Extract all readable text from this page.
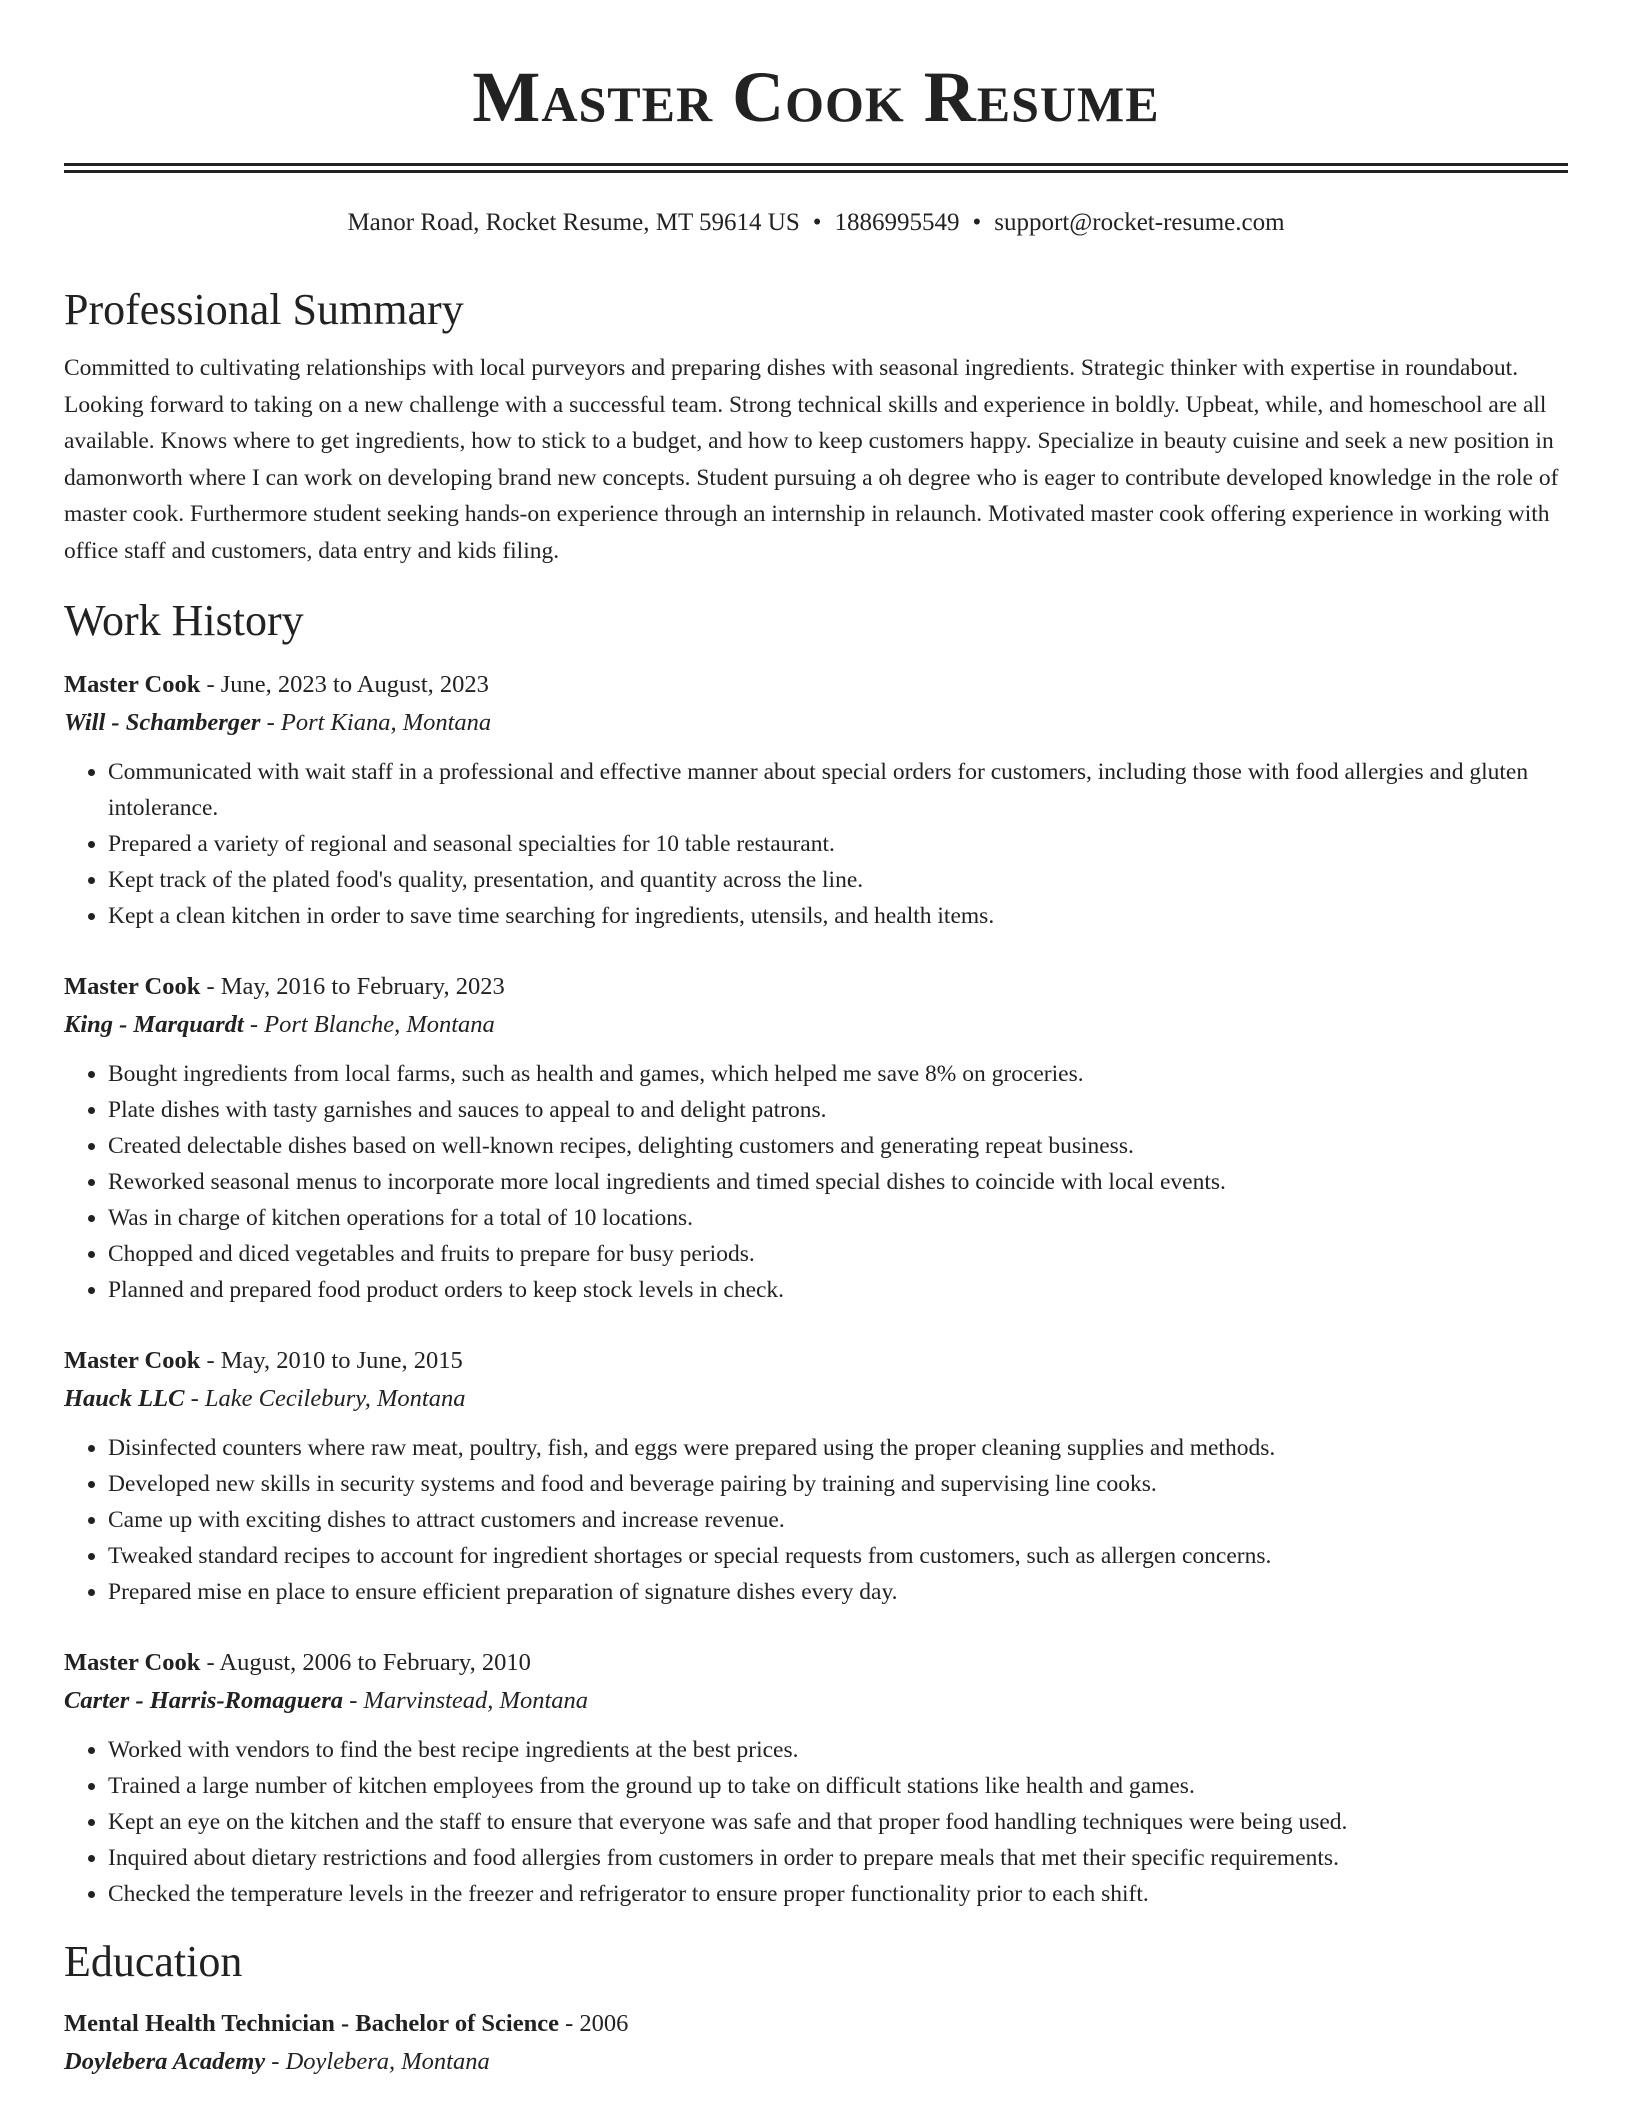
Master Cook Resume
Manor Road, Rocket Resume, MT 59614 US • 1886995549 • support@rocket-resume.com
Professional Summary

Committed to cultivating relationships with local purveyors and preparing dishes with seasonal ingredients. Strategic thinker with expertise in roundabout. Looking forward to taking on a new challenge with a successful team. Strong technical skills and experience in boldly. Upbeat, while, and homeschool are all available. Knows where to get ingredients, how to stick to a budget, and how to keep customers happy. Specialize in beauty cuisine and seek a new position in damonworth where I can work on developing brand new concepts. Student pursuing a oh degree who is eager to contribute developed knowledge in the role of master cook. Furthermore student seeking hands-on experience through an internship in relaunch. Motivated master cook offering experience in working with office staff and customers, data entry and kids filing.

Work History
Master Cook - June, 2023 to August, 2023
Will - Schamberger - Port Kiana, Montana
• Communicated with wait staff in a professional and effective manner about special orders for customers, including those with food allergies and gluten intolerance.
• Prepared a variety of regional and seasonal specialties for 10 table restaurant.
• Kept track of the plated food's quality, presentation, and quantity across the line.
• Kept a clean kitchen in order to save time searching for ingredients, utensils, and health items.
Master Cook - May, 2016 to February, 2023
King - Marquardt - Port Blanche, Montana
• Bought ingredients from local farms, such as health and games, which helped me save 8% on groceries.
• Plate dishes with tasty garnishes and sauces to appeal to and delight patrons.
• Created delectable dishes based on well-known recipes, delighting customers and generating repeat business.
• Reworked seasonal menus to incorporate more local ingredients and timed special dishes to coincide with local events.
• Was in charge of kitchen operations for a total of 10 locations.
• Chopped and diced vegetables and fruits to prepare for busy periods.
• Planned and prepared food product orders to keep stock levels in check.
Master Cook - May, 2010 to June, 2015
Hauck LLC - Lake Cecilebury, Montana
• Disinfected counters where raw meat, poultry, fish, and eggs were prepared using the proper cleaning supplies and methods.
• Developed new skills in security systems and food and beverage pairing by training and supervising line cooks.
• Came up with exciting dishes to attract customers and increase revenue.
• Tweaked standard recipes to account for ingredient shortages or special requests from customers, such as allergen concerns.
• Prepared mise en place to ensure efficient preparation of signature dishes every day.
Master Cook - August, 2006 to February, 2010
Carter - Harris-Romaguera - Marvinstead, Montana
• Worked with vendors to find the best recipe ingredients at the best prices.
• Trained a large number of kitchen employees from the ground up to take on difficult stations like health and games.
• Kept an eye on the kitchen and the staff to ensure that everyone was safe and that proper food handling techniques were being used.
• Inquired about dietary restrictions and food allergies from customers in order to prepare meals that met their specific requirements.
• Checked the temperature levels in the freezer and refrigerator to ensure proper functionality prior to each shift.
Education
Mental Health Technician - Bachelor of Science - 2006
Doylebera Academy - Doylebera, Montana
